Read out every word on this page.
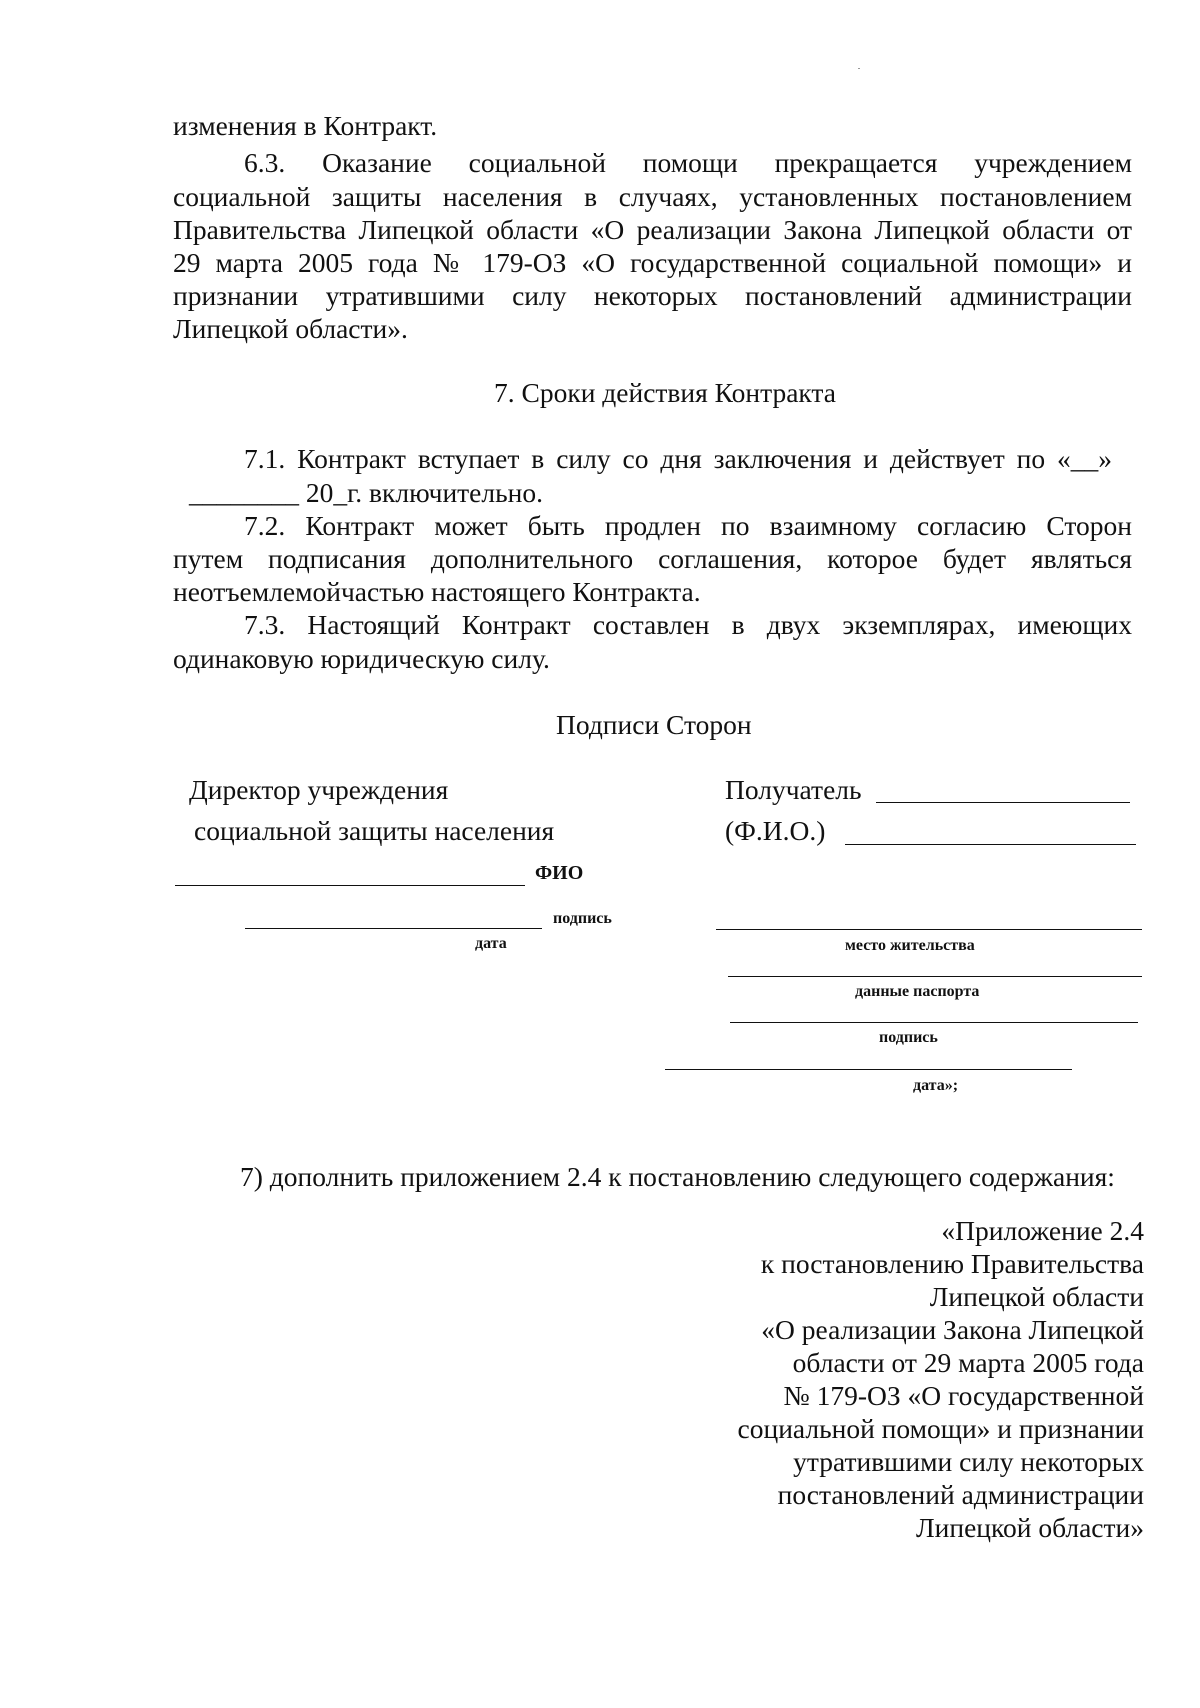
изменения в Контракт.
6.3. Оказание социальной помощи прекращается учреждением
социальной защиты населения в случаях, установленных постановлением
Правительства Липецкой области «О реализации Закона Липецкой области от
29 марта 2005 года № 179-ОЗ «О государственной социальной помощи» и
признании утратившими силу некоторых постановлений администрации
Липецкой области».
7. Сроки действия Контракта
7.1. Контракт вступает в силу со дня заключения и действует по «__»
________ 20_г. включительно.
7.2. Контракт может быть продлен по взаимному согласию Сторон
путем подписания дополнительного соглашения, которое будет являться
неотъемлемойчастью настоящего Контракта.
7.3. Настоящий Контракт составлен в двух экземплярах, имеющих
одинаковую юридическую силу.
Подписи Сторон
Директор учреждения
социальной защиты населения
ФИО
подпись
дата
Получатель
(Ф.И.О.)
место жительства
данные паспорта
подпись
дата»;
7) дополнить приложением 2.4 к постановлению следующего содержания:
«Приложение 2.4
к постановлению Правительства
Липецкой области
«О реализации Закона Липецкой
области от 29 марта 2005 года
№ 179-ОЗ «О государственной
социальной помощи» и признании
утратившими силу некоторых
постановлений администрации
Липецкой области»
